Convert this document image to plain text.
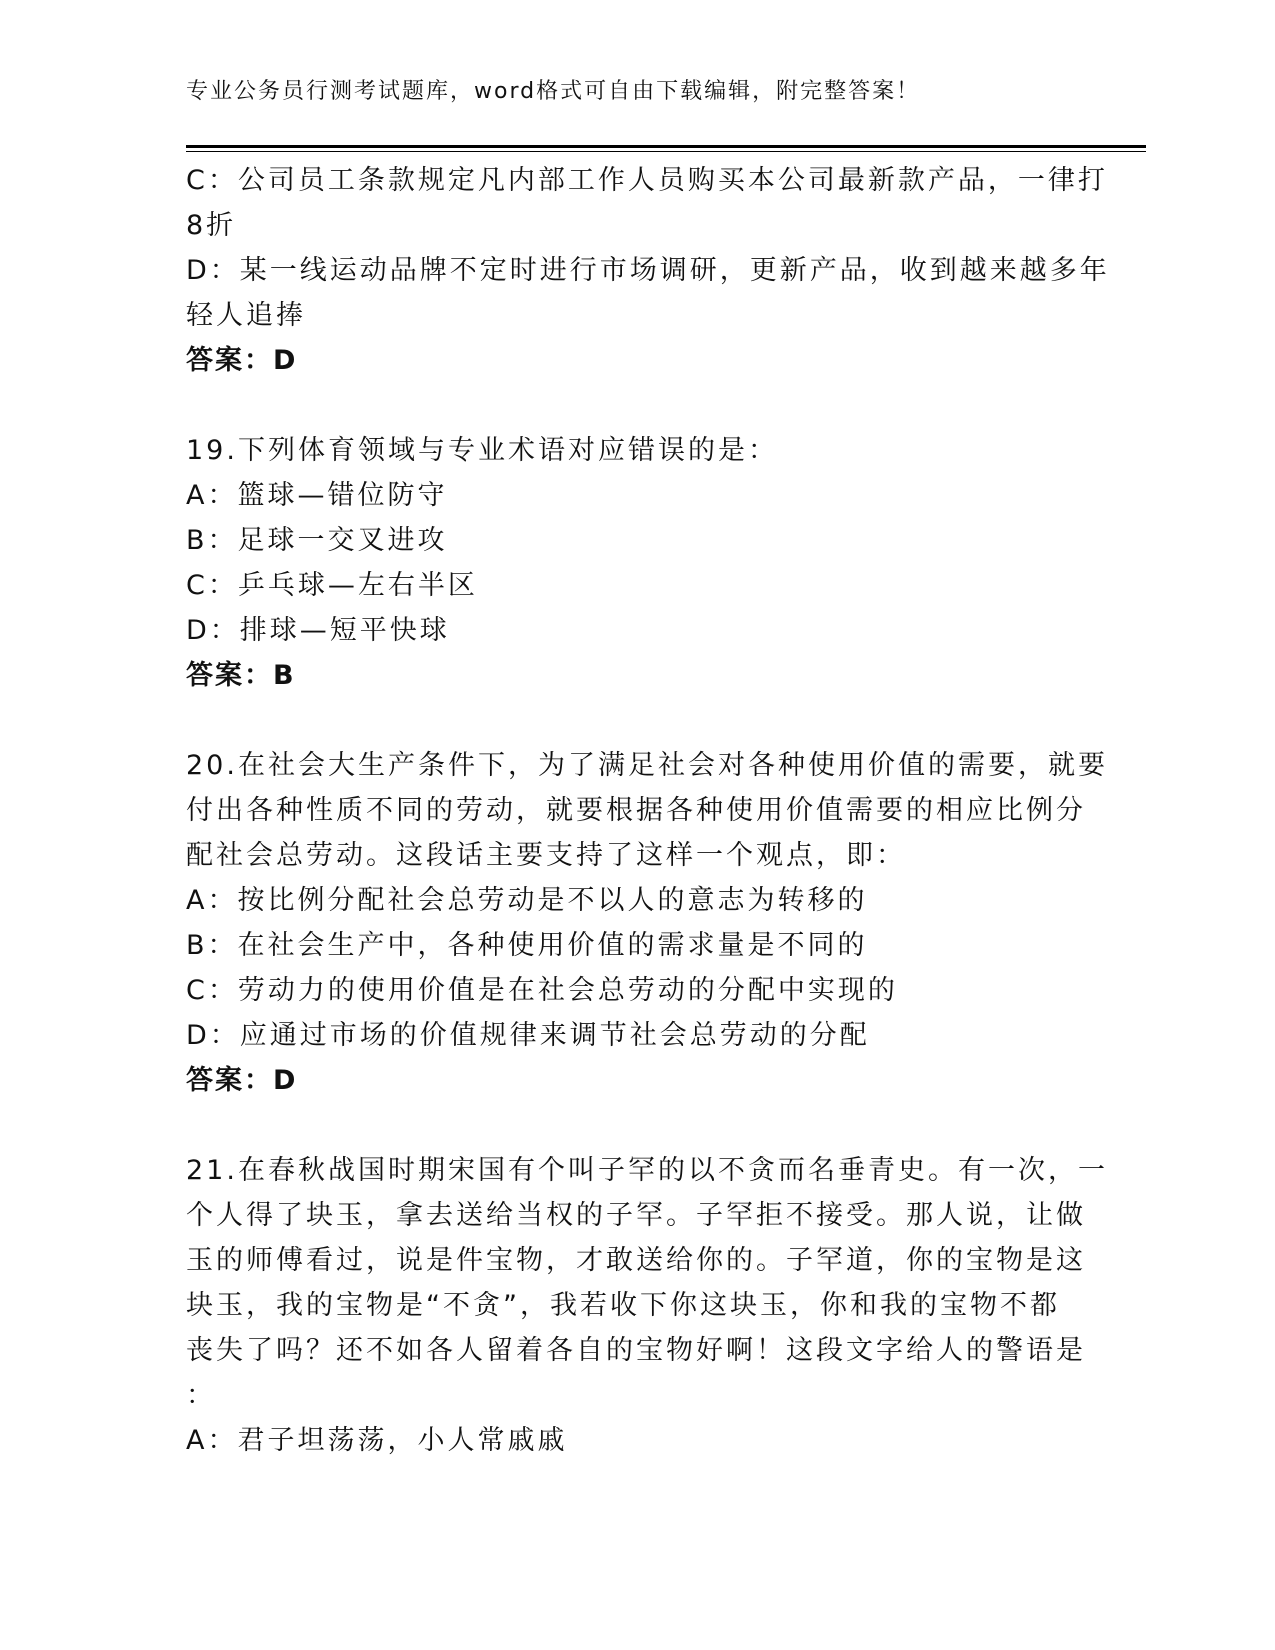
专业公务员行测考试题库，word格式可自由下载编辑，附完整答案！
C：公司员工条款规定凡内部工作人员购买本公司最新款产品，一律打
8折
D：某一线运动品牌不定时进行市场调研，更新产品，收到越来越多年
轻人追捧
答案：D
19.下列体育领域与专业术语对应错误的是：
A：篮球—错位防守
B：足球一交叉进攻
C：乒乓球—左右半区
D：排球—短平快球
答案：B
20.在社会大生产条件下，为了满足社会对各种使用价值的需要，就要
付出各种性质不同的劳动，就要根据各种使用价值需要的相应比例分
配社会总劳动。这段话主要支持了这样一个观点，即：
A：按比例分配社会总劳动是不以人的意志为转移的
B：在社会生产中，各种使用价值的需求量是不同的
C：劳动力的使用价值是在社会总劳动的分配中实现的
D：应通过市场的价值规律来调节社会总劳动的分配
答案：D
21.在春秋战国时期宋国有个叫子罕的以不贪而名垂青史。有一次，一
个人得了块玉，拿去送给当权的子罕。子罕拒不接受。那人说，让做
玉的师傅看过，说是件宝物，才敢送给你的。子罕道，你的宝物是这
块玉，我的宝物是“不贪”，我若收下你这块玉，你和我的宝物不都
丧失了吗？还不如各人留着各自的宝物好啊！这段文字给人的警语是
：
A：君子坦荡荡，小人常戚戚
